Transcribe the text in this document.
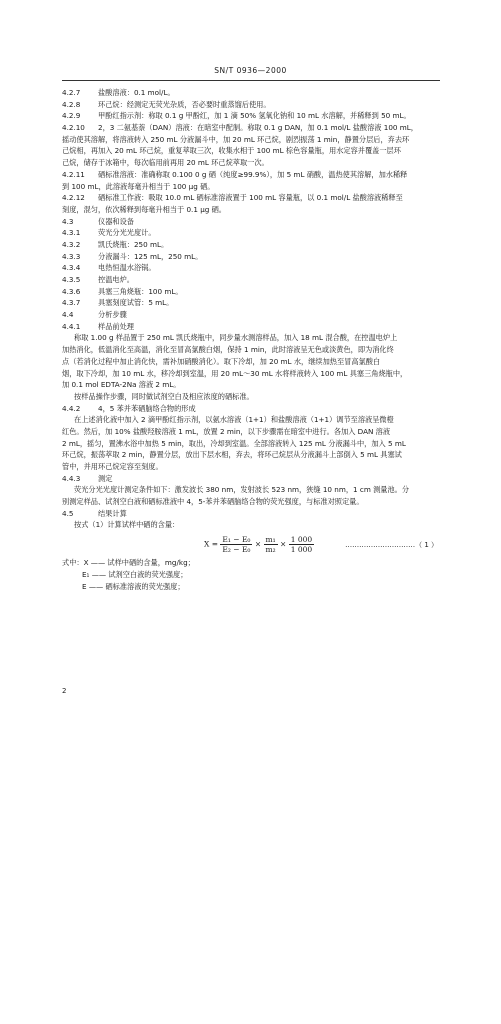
SN/T 0936—2000
4.2.7 盐酸溶液：0.1 mol/L。
4.2.8 环己烷：经测定无荧光杂质，否必要时重蒸馏后使用。
4.2.9 甲酚红指示剂：称取 0.1 g 甲酚红，加 1 滴 50% 氢氧化钠和 10 mL 水溶解，并稀释到 50 mL。
4.2.10 2，3 二氨基萘（DAN）溶液：在暗室中配制。称取 0.1 g DAN，加 0.1 mol/L 盐酸溶液 100 mL，
摇动使其溶解，将溶液转入 250 mL 分液漏斗中，加 20 mL 环己烷，剧烈振荡 1 min，静置分层后，弃去环
己烷相，再加入 20 mL 环己烷，重复萃取三次，收集水相于 100 mL 棕色容量瓶，用水定容并覆盖一层环
己烷，储存于冰箱中，每次临用前再用 20 mL 环己烷萃取一次。
4.2.11 硒标准溶液：准确称取 0.100 0 g 硒（纯度≥99.9%），加 5 mL 硝酸，温热使其溶解，加水稀释
到 100 mL，此溶液每毫升相当于 100 μg 硒。
4.2.12 硒标准工作液：吸取 10.0 mL 硒标准溶液置于 100 mL 容量瓶，以 0.1 mol/L 盐酸溶液稀释至
刻度，混匀，依次稀释到每毫升相当于 0.1 μg 硒。
4.3	仪器和设备
4.3.1 荧光分光光度计。
4.3.2 凯氏烧瓶：250 mL。
4.3.3 分液漏斗：125 mL，250 mL。
4.3.4 电热恒温水浴锅。
4.3.5 控温电炉。
4.3.6 具塞三角烧瓶：100 mL。
4.3.7 具塞刻度试管：5 mL。
4.4	分析步骤
4.4.1 样品前处理
称取 1.00 g 样品置于 250 mL 凯氏烧瓶中，同步量水测溶样品，加入 18 mL 混合酸，在控温电炉上
加热消化，低温消化至高温，消化至冒高氯酸白烟，保持 1 min，此时溶液呈无色或淡黄色，即为消化终
点（若消化过程中加止消化快，需补加硝酸消化）。取下冷却，加 20 mL 水，继续加热至冒高氯酸白
烟，取下冷却，加 10 mL 水，移冷却到室温，用 20 mL～30 mL 水将样液转入 100 mL 具塞三角烧瓶中，
加 0.1 mol EDTA-2Na 溶液 2 mL。
按样品操作步骤，同时做试剂空白及相应浓度的硒标准。
4.4.2 4，5 苯并苯硒脑络合物的形成
在上述消化液中加入 2 滴甲酚红指示剂，以氨水溶液（1+1）和盐酸溶液（1+1）调节至溶液呈微橙
红色。然后，加 10% 盐酸羟胺溶液 1 mL，放置 2 min，以下步骤需在暗室中进行。各加入 DAN 溶液
2 mL，摇匀，置沸水浴中加热 5 min，取出，冷却到室温。全部溶液转入 125 mL 分液漏斗中，加入 5 mL
环己烷，振荡萃取 2 min，静置分层，放出下层水相，弃去，将环己烷层从分液漏斗上部倒入 5 mL 具塞试
管中，并用环己烷定容至刻度。
4.4.3 测定
荧光分光光度计测定条件如下：激发波长 380 nm，发射波长 523 nm，狭缝 10 nm，1 cm 测量池。分
别测定样品、试剂空白液和硒标准液中 4，5-苯并苯硒脑络合物的荧光强度，与标准对照定量。
4.5	结果计算
按式（1）计算试样中硒的含量：
$X = \frac{\text{E₁ − E₀}}{\text{E₂ − E₀}} \times \frac{\text{m₁}}{\text{m₂}} \times \frac{1 000}{1 000}$	…………………………（ 1 ）
式中：X —— 试样中硒的含量，mg/kg；
E₁ —— 试剂空白液的荧光强度；
E —— 硒标准溶液的荧光强度；
2
